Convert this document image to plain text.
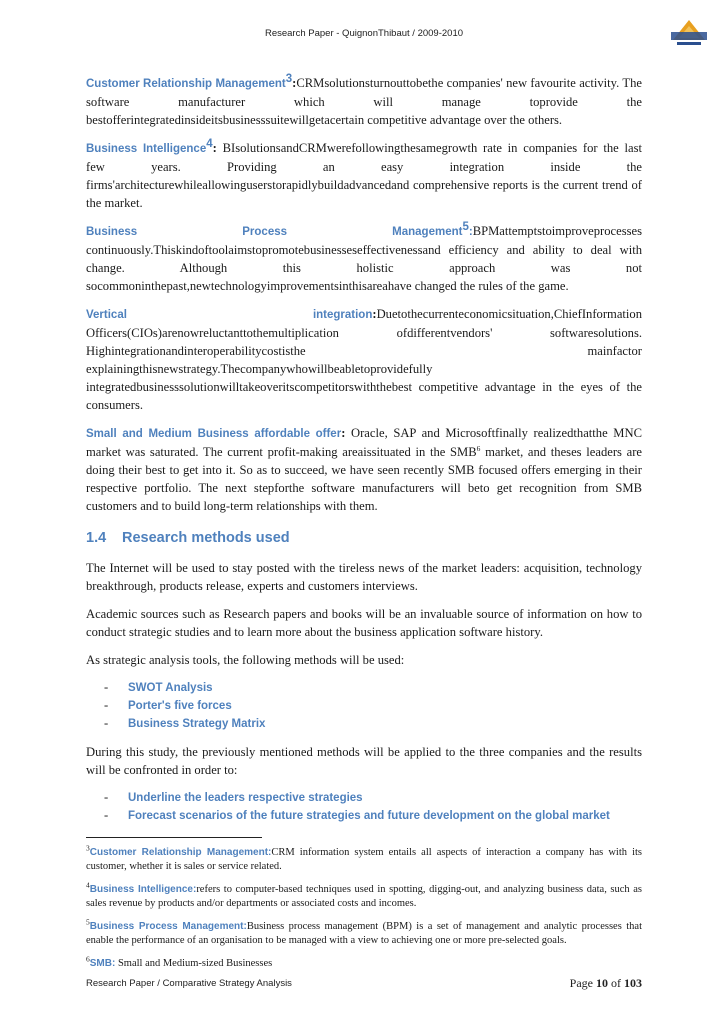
Research Paper - QuignonThibaut / 2009-2010

Customer Relationship Management$^3$:CRMsolutionsturnouttobethe companies' new favourite activity. The software manufacturer which will manage toprovide the bestofferintegratedinsideitsbusinesssuitewillgetacertain competitive advantage over the others.

Business Intelligence$^4$: BIsolutionsandCRMwerefollowingthesamegrowth rate in companies for the last few years. Providing an easy integration inside the firms'architecturewhileallowinguserstorapidlybuildadvancedand comprehensive reports is the current trend of the market.

Business Process Management$^5$:BPMattemptstoimproveprocesses continuously.Thiskindoftoolaimstopromotebusinesseseffectivenessand efficiency and ability to deal with change. Although this holistic approach was not socommoninthepast,newtechnologyimprovementsinthisareahave changed the rules of the game.

Vertical integration:Duetothecurrenteconomicsituation,ChiefInformation Officers(CIOs)arenowreluctanttothemultiplication ofdifferentvendors' softwaresolutions. Highintegrationandinteroperabilitycostisthe mainfactor explainingthisnewstrategy.Thecompanywhowillbeabletoprovidefully integratedbusinesssolutionwilltakeoveritscompetitorswiththebest competitive advantage in the eyes of the consumers.

Small and Medium Business affordable offer: Oracle, SAP and Microsoftfinally realizedthatthe MNC market was saturated. The current profit-making areaissituated in the SMB$^6$ market, and theses leaders are doing their best to get into it. So as to succeed, we have seen recently SMB focused offers emerging in their respective portfolio. The next stepforthe software manufacturers will beto get recognition from SMB customers and to build long-term relationships with them.

1.4 Research methods used

The Internet will be used to stay posted with the tireless news of the market leaders: acquisition, technology breakthrough, products release, experts and customers interviews.

Academic sources such as Research papers and books will be an invaluable source of information on how to conduct strategic studies and to learn more about the business application software history.

As strategic analysis tools, the following methods will be used:

- SWOT Analysis
- Porter's five forces
- Business Strategy Matrix

During this study, the previously mentioned methods will be applied to the three companies and the results will be confronted in order to:

- Underline the leaders respective strategies
- Forecast scenarios of the future strategies and future development on the global market

$^3$Customer Relationship Management:CRM information system entails all aspects of interaction a company has with its customer, whether it is sales or service related.

$^4$Business Intelligence:refers to computer-based techniques used in spotting, digging-out, and analyzing business data, such as sales revenue by products and/or departments or associated costs and incomes.

$^5$Business Process Management:Business process management (BPM) is a set of management and analytic processes that enable the performance of an organisation to be managed with a view to achieving one or more pre-selected goals.

$^6$SMB: Small and Medium-sized Businesses

Research Paper / Comparative Strategy Analysis	Page 10 of 103
